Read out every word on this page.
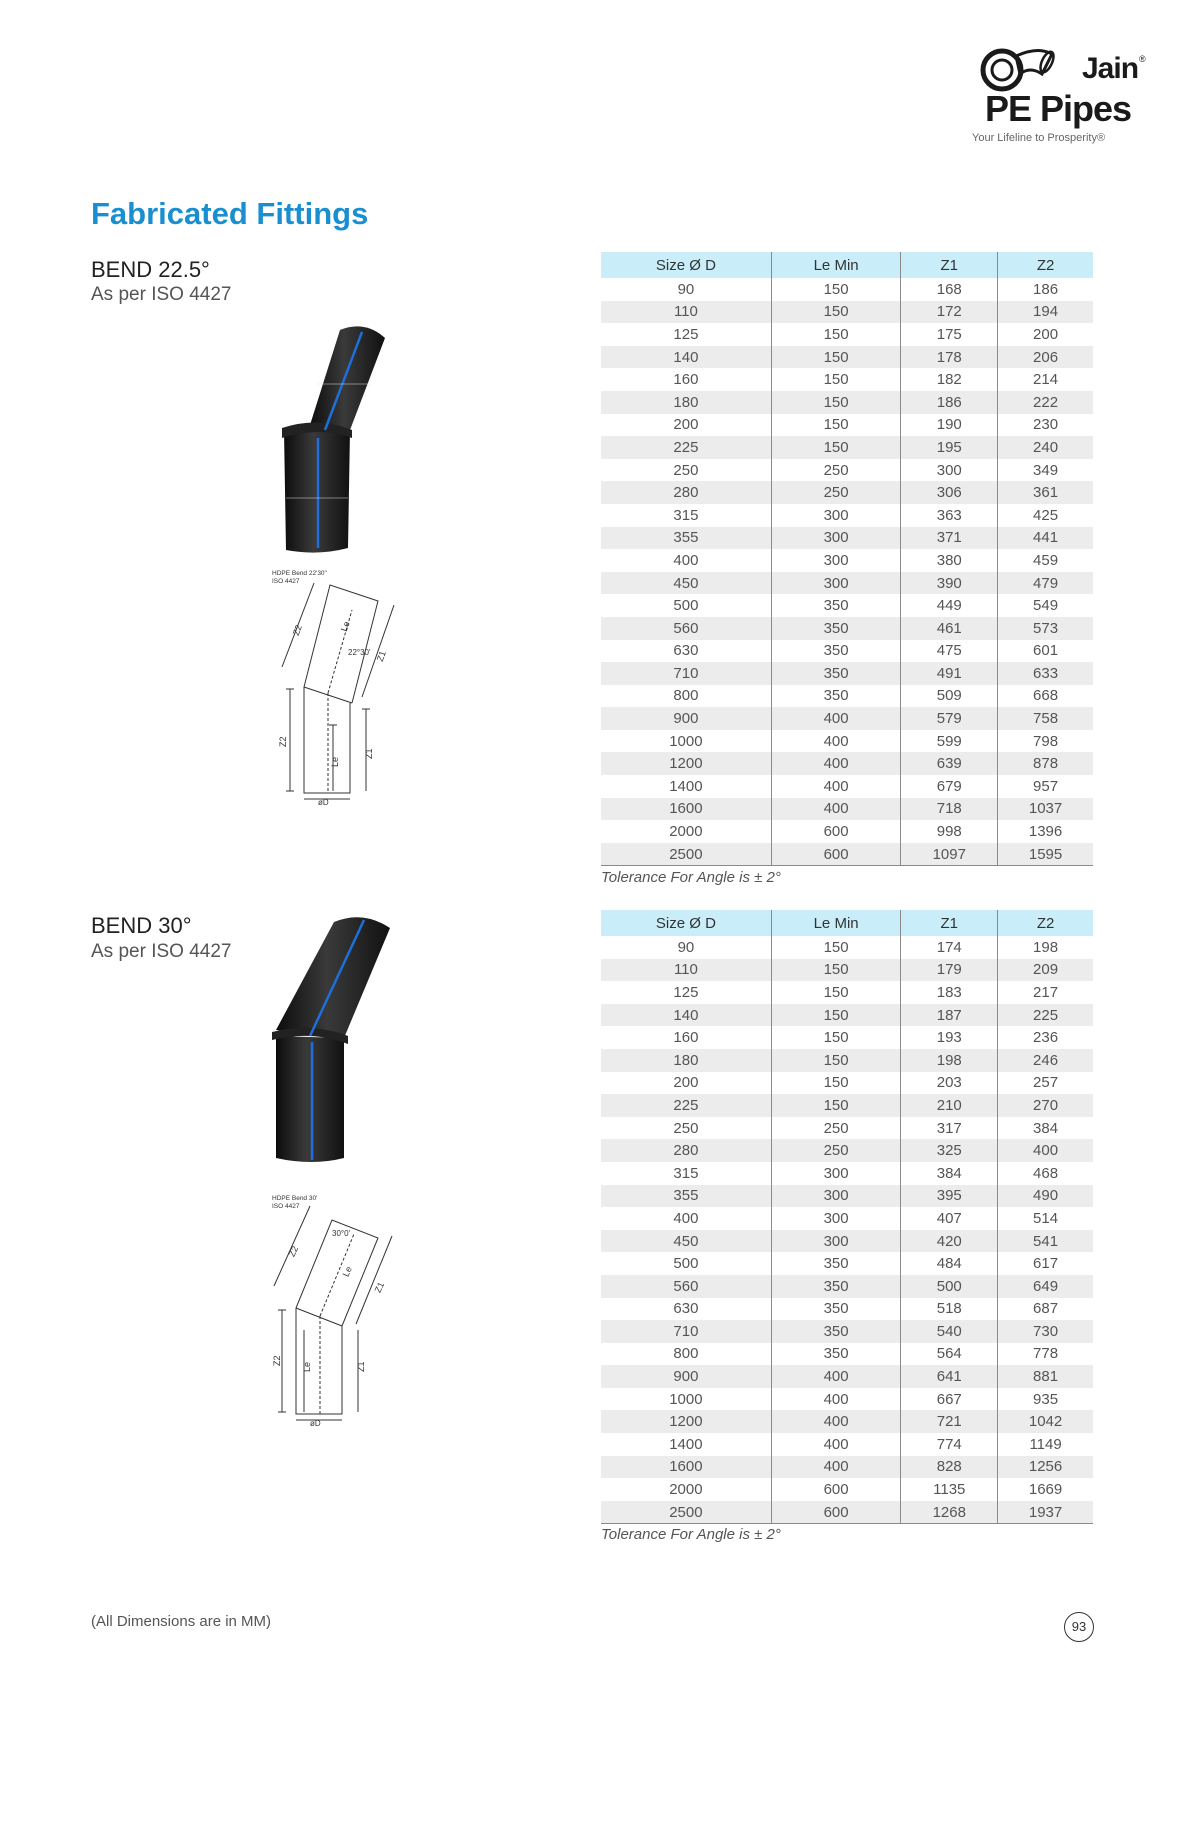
Jain ®
PE Pipes
Your Lifeline to Prosperity®
Fabricated Fittings
BEND 22.5°
As per ISO 4427
HDPE Bend 22'30"
ISO 4427
Z2
Le
Z1
Z2	Le
Z1
22°30'
øD
Size Ø D	Le Min	Z1	Z2
90	150	168	186
110	150	172	194
125	150	175	200
140	150	178	206
160	150	182	214
180	150	186	222
200	150	190	230
225	150	195	240
250	250	300	349
280	250	306	361
315	300	363	425
355	300	371	441
400	300	380	459
450	300	390	479
500	350	449	549
560	350	461	573
630	350	475	601
710	350	491	633
800	350	509	668
900	400	579	758
1000	400	599	798
1200	400	639	878
1400	400	679	957
1600	400	718	1037
2000	600	998	1396
2500	600	1097	1595
Tolerance For Angle is ± 2°
BEND 30°
As per ISO 4427
HDPE Bend 30'
ISO 4427
Z2
Le	Z1
Z2
Le
Z1
30°0'
øD
Size Ø D	Le Min	Z1	Z2
90	150	174	198
110	150	179	209
125	150	183	217
140	150	187	225
160	150	193	236
180	150	198	246
200	150	203	257
225	150	210	270
250	250	317	384
280	250	325	400
315	300	384	468
355	300	395	490
400	300	407	514
450	300	420	541
500	350	484	617
560	350	500	649
630	350	518	687
710	350	540	730
800	350	564	778
900	400	641	881
1000	400	667	935
1200	400	721	1042
1400	400	774	1149
1600	400	828	1256
2000	600	1135	1669
2500	600	1268	1937
Tolerance For Angle is ± 2°
(All Dimensions are in MM)	93
